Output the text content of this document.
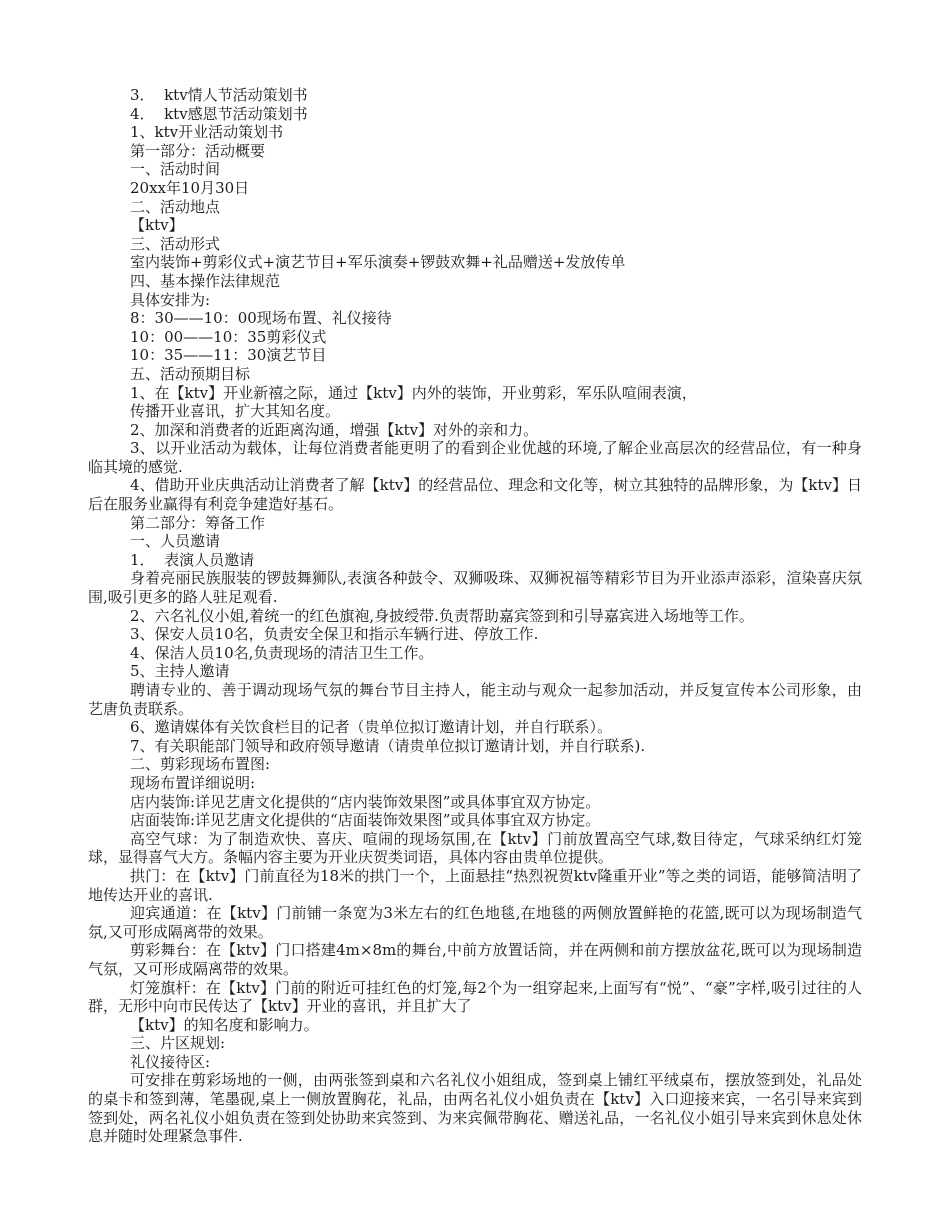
3．  ktv情人节活动策划书

4．  ktv感恩节活动策划书

1、ktv开业活动策划书

第一部分：活动概要

一、活动时间

20xx年10月30日

二、活动地点

【ktv】

三、活动形式

室内装饰+剪彩仪式+演艺节目+军乐演奏+锣鼓欢舞+礼品赠送+发放传单

四、基本操作法律规范

具体安排为:

8：30——10：00现场布置、礼仪接待

10：00——10：35剪彩仪式

10：35——11：30演艺节目

五、活动预期目标

1、在【ktv】开业新禧之际，通过【ktv】内外的装饰，开业剪彩，军乐队喧闹表演，

传播开业喜讯，扩大其知名度。

2、加深和消费者的近距离沟通，增强【ktv】对外的亲和力。

3、以开业活动为载体，让每位消费者能更明了的看到企业优越的环境,了解企业高层次的经营品位，有一种身临其境的感觉.

4、借助开业庆典活动让消费者了解【ktv】的经营品位、理念和文化等，树立其独特的品牌形象，为【ktv】日后在服务业赢得有利竞争建造好基石。

第二部分：筹备工作

一、人员邀请

1．  表演人员邀请

身着亮丽民族服装的锣鼓舞狮队,表演各种鼓令、双狮吸珠、双狮祝福等精彩节目为开业添声添彩，渲染喜庆氛围,吸引更多的路人驻足观看.

2、六名礼仪小姐,着统一的红色旗袍,身披绶带.负责帮助嘉宾签到和引导嘉宾进入场地等工作。

3、保安人员10名，负责安全保卫和指示车辆行进、停放工作.

4、保洁人员10名,负责现场的清洁卫生工作。

5、主持人邀请

聘请专业的、善于调动现场气氛的舞台节目主持人，能主动与观众一起参加活动，并反复宣传本公司形象，由艺唐负责联系。

6、邀请媒体有关饮食栏目的记者（贵单位拟订邀请计划，并自行联系）。

7、有关职能部门领导和政府领导邀请（请贵单位拟订邀请计划，并自行联系).

二、剪彩现场布置图:

现场布置详细说明:

店内装饰:详见艺唐文化提供的“店内装饰效果图”或具体事宜双方协定。

店面装饰:详见艺唐文化提供的“店面装饰效果图”或具体事宜双方协定。

高空气球：为了制造欢快、喜庆、喧闹的现场氛围,在【ktv】门前放置高空气球,数目待定，气球采纳红灯笼球，显得喜气大方。条幅内容主要为开业庆贺类词语，具体内容由贵单位提供。

拱门：在【ktv】门前直径为18米的拱门一个，上面悬挂“热烈祝贺ktv隆重开业”等之类的词语，能够简洁明了地传达开业的喜讯.

迎宾通道：在【ktv】门前铺一条宽为3米左右的红色地毯,在地毯的两侧放置鲜艳的花篮,既可以为现场制造气氛,又可形成隔离带的效果。

剪彩舞台：在【ktv】门口搭建4m×8m的舞台,中前方放置话筒，并在两侧和前方摆放盆花,既可以为现场制造气氛，又可形成隔离带的效果。

灯笼旗杆：在【ktv】门前的附近可挂红色的灯笼,每2个为一组穿起来,上面写有“悦”、“豪”字样,吸引过往的人群，无形中向市民传达了【ktv】开业的喜讯，并且扩大了

【ktv】的知名度和影响力。

三、片区规划:

礼仪接待区:

可安排在剪彩场地的一侧，由两张签到桌和六名礼仪小姐组成，签到桌上铺红平绒桌布，摆放签到处，礼品处的桌卡和签到薄，笔墨砚,桌上一侧放置胸花，礼品，由两名礼仪小姐负责在【ktv】入口迎接来宾，一名引导来宾到签到处，两名礼仪小姐负责在签到处协助来宾签到、为来宾佩带胸花、赠送礼品，一名礼仪小姐引导来宾到休息处休息并随时处理紧急事件.
